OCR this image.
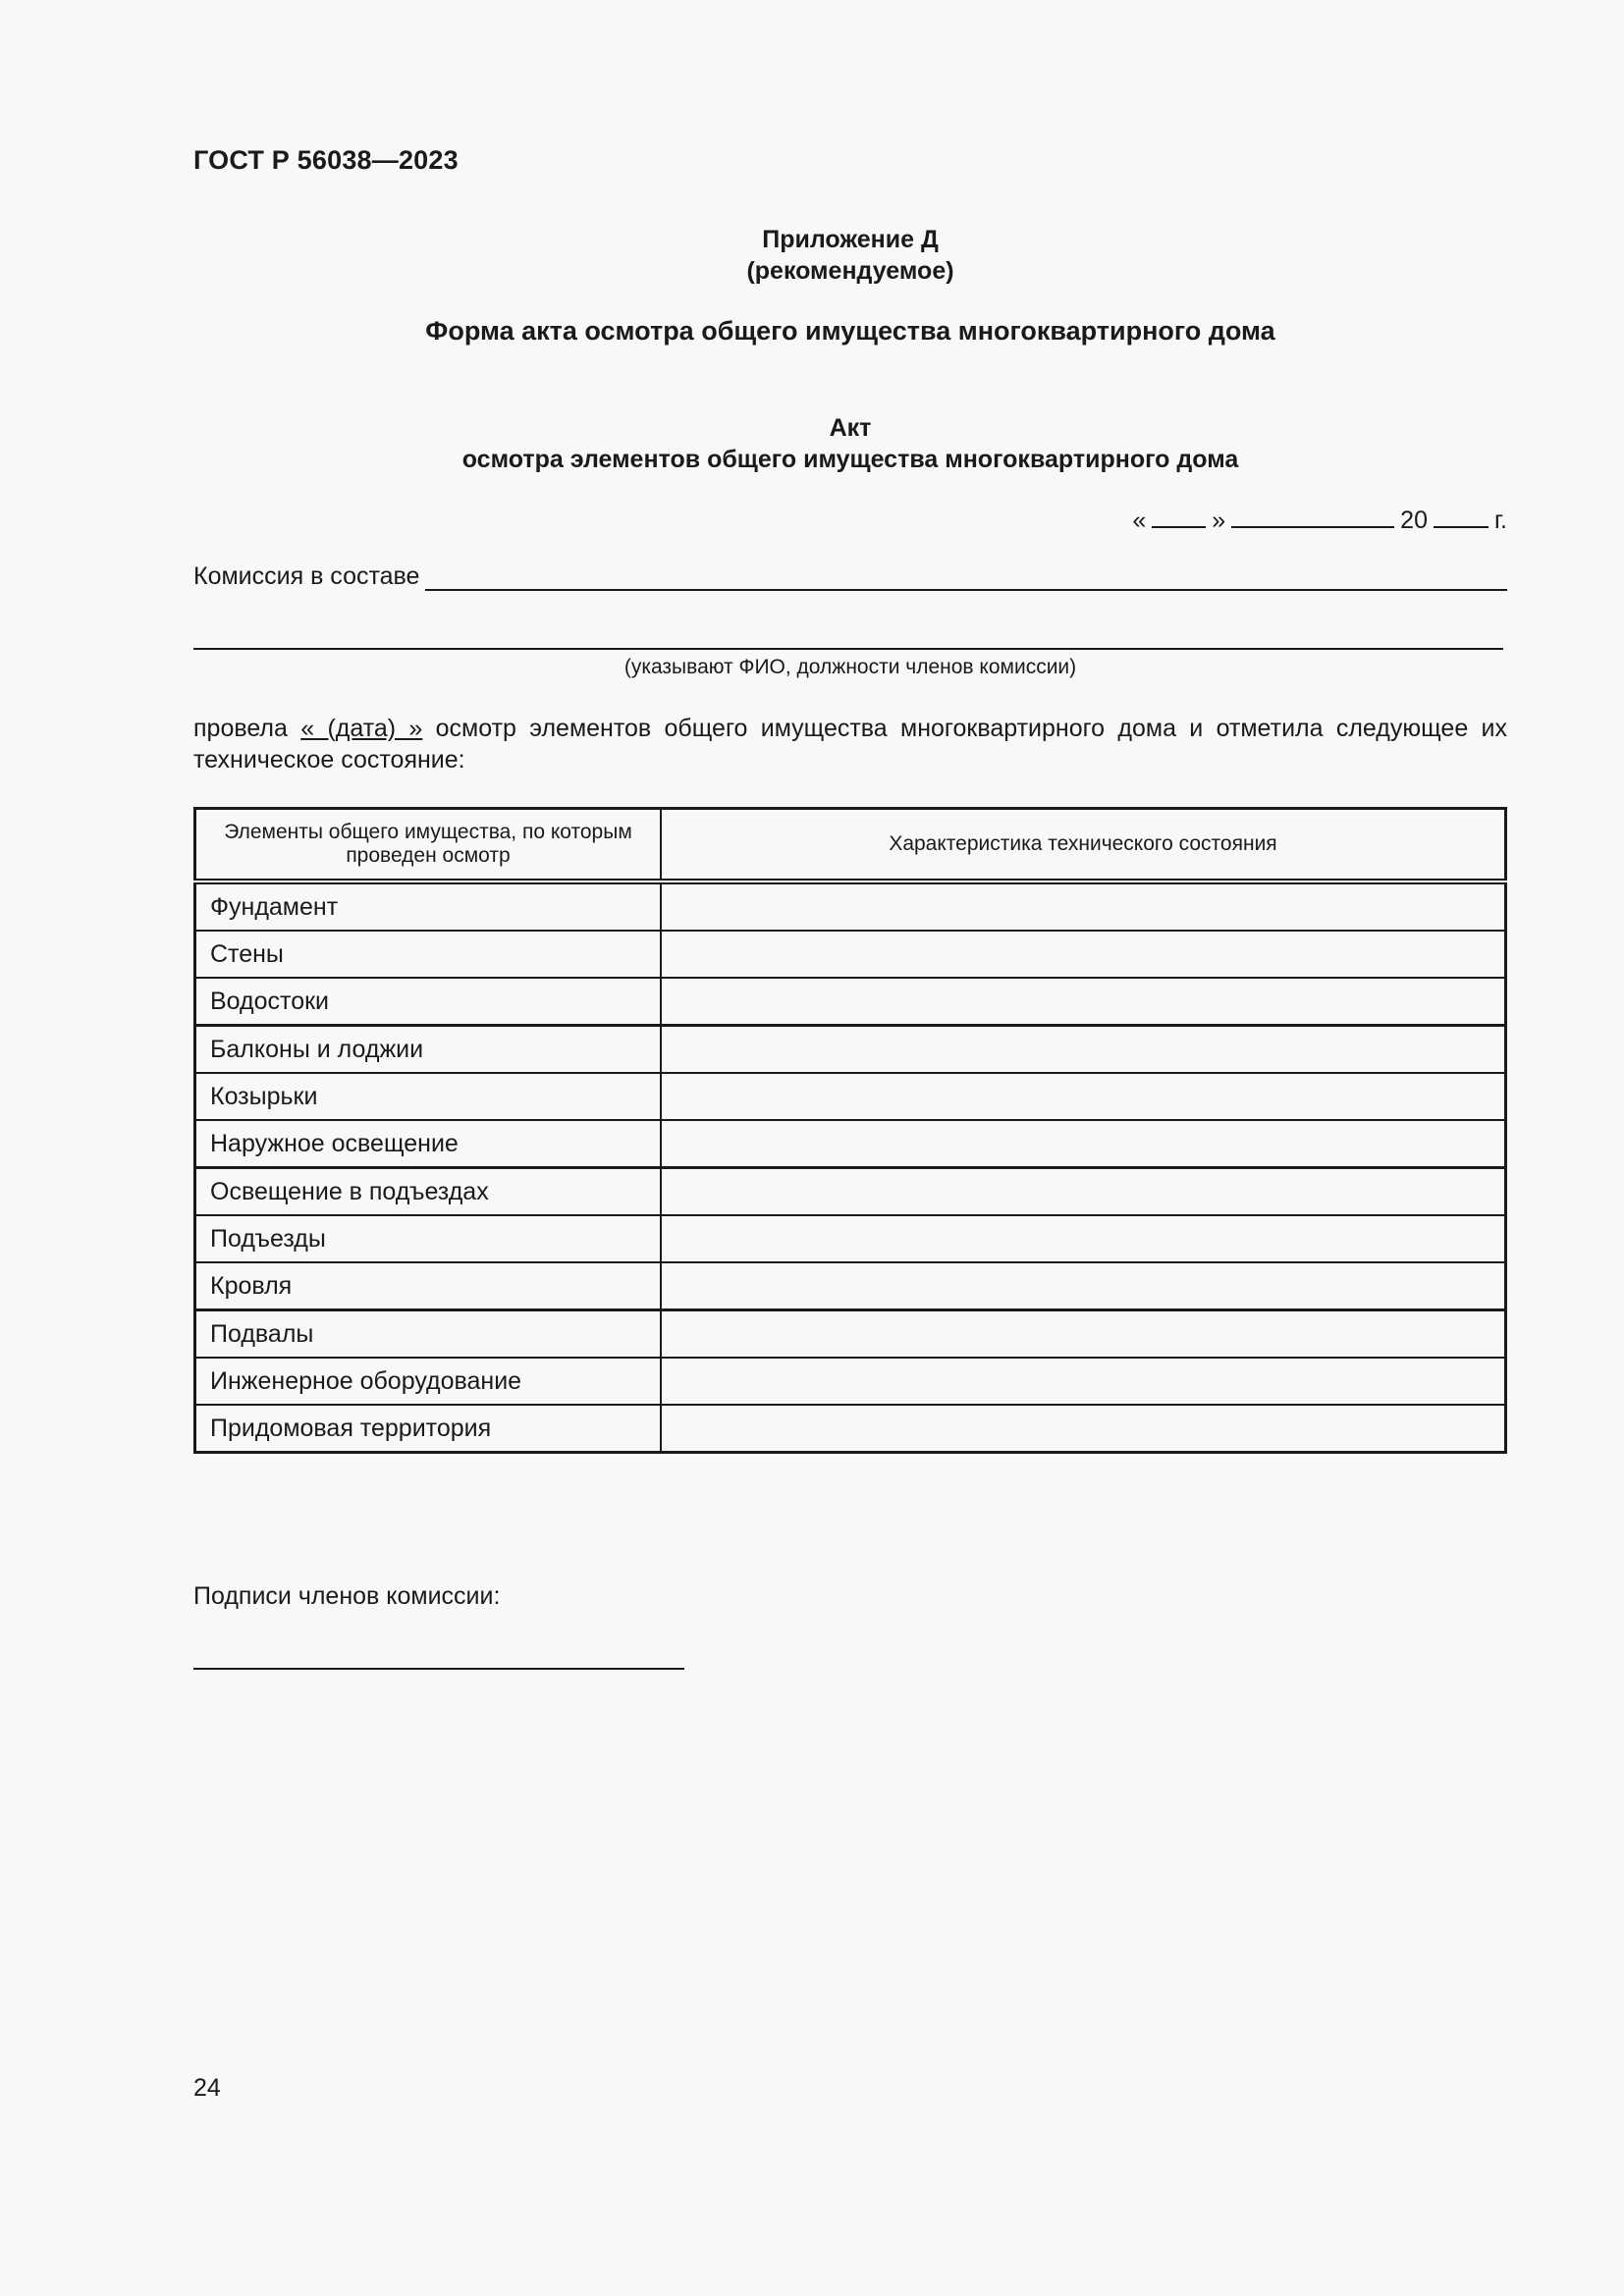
ГОСТ Р 56038—2023
Приложение Д
(рекомендуемое)
Форма акта осмотра общего имущества многоквартирного дома
Акт
осмотра элементов общего имущества многоквартирного дома
«	»	20	г.
Комиссия в составе
(указывают ФИО, должности членов комиссии)
провела « (дата) » осмотр элементов общего имущества многоквартирного дома и отметила следующее их техническое состояние:
Элементы общего имущества, по которым проведен осмотр	Характеристика технического состояния
Фундамент	
Стены	
Водостоки	
Балконы и лоджии	
Козырьки	
Наружное освещение	
Освещение в подъездах	
Подъезды	
Кровля	
Подвалы	
Инженерное оборудование	
Придомовая территория	
Подписи членов комиссии:
24
